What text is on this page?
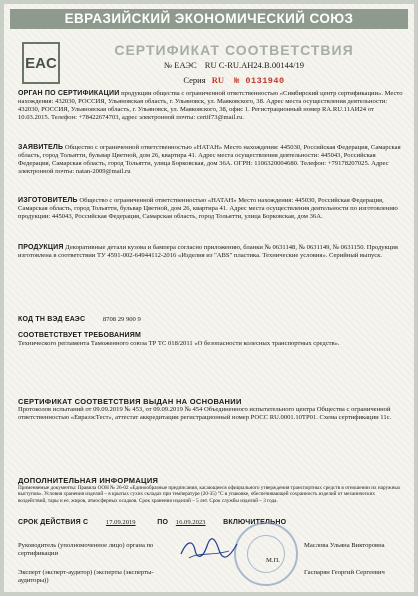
ЕВРАЗИЙСКИЙ ЭКОНОМИЧЕСКИЙ СОЮЗ
EAC
СЕРТИФИКАТ СООТВЕТСТВИЯ
№ ЕАЭС RU C-RU.AH24.B.00144/19
Серия RU № 0131940
ОРГАН ПО СЕРТИФИКАЦИИ продукции общества с ограниченной ответственностью «Симбирский центр сертификации». Место нахождения: 432030, РОССИЯ, Ульяновская область, г. Ульяновск, ул. Маяковского, 38. Адрес места осуществления деятельности: 432030, РОССИЯ, Ульяновская область, г. Ульяновск, ул. Маяковского, 38, офис 1. Регистрационный номер RA.RU.11AИ24 от 10.03.2015. Телефон: +78422674703, адрес электронной почты: certif73@mail.ru.
ЗАЯВИТЕЛЬ Общество с ограниченной ответственностью «НАТАН» Место нахождения: 445030, Российская Федерация, Самарская область, город Тольятти, бульвар Цветной, дом 26, квартира 41. Адрес места осуществления деятельности: 445043, Российская Федерация, Самарская область, город Тольятти, улица Борковская, дом 36А. ОГРН: 1106320004680. Телефон: +79178207025. Адрес электронной почты: natan-2009@mail.ru
ИЗГОТОВИТЕЛЬ Общество с ограниченной ответственностью «НАТАН» Место нахождения: 445030, Российская Федерация, Самарская область, город Тольятти, бульвар Цветной, дом 26, квартира 41. Адрес места осуществления деятельности по изготовлению продукции: 445043, Российская Федерация, Самарская область, город Тольятти, улица Борковская, дом 36А.
ПРОДУКЦИЯ Декоративные детали кузова и бампера согласно приложению, бланки № 0631148, № 0631149, № 0631150. Продукция изготовлена в соответствии ТУ 4591-002-64944112-2016 «Изделия из "ABS" пластика. Технические условия». Серийный выпуск.
КОД ТН ВЭД ЕАЭС	8708 29 900 9
СООТВЕТСТВУЕТ ТРЕБОВАНИЯМ
Технического регламента Таможенного союза ТР ТС 018/2011 «О безопасности колесных транспортных средств».
СЕРТИФИКАТ СООТВЕТСТВИЯ ВЫДАН НА ОСНОВАНИИ
Протоколов испытаний от 09.09.2019 № 453, от 09.09.2019 № 454 Объединенного испытательного центра Общества с ограниченной ответственностью «ЕвразэсТест», аттестат аккредитации регистрационный номер РОСС RU.0001.10ТР01. Схема сертификации 11с.
ДОПОЛНИТЕЛЬНАЯ ИНФОРМАЦИЯ
Применяемые документы: Правила ООН № 26-02 «Единообразные предписания, касающиеся официального утверждения транспортных средств в отношении их наружных выступов». Условия хранения изделий – в крытых сухих складах при температуре (20-35) °С в упаковке, обеспечивающей сохранность изделий от механических воздействий, тары и ее, жиров, атмосферных осадков. Срок хранения изделий – 5 лет. Срок службы изделий – 3 года.
СРОК ДЕЙСТВИЯ С	17.09.2019	ПО 16.09.2023	ВКЛЮЧИТЕЛЬНО
Руководитель (уполномоченное лицо) органа по сертификации
Маслова Ульяна Викторовна
М.П.
Эксперт (эксперт-аудитор) (эксперты (эксперты-аудиторы))
Гаспарян Георгий Сергеевич
